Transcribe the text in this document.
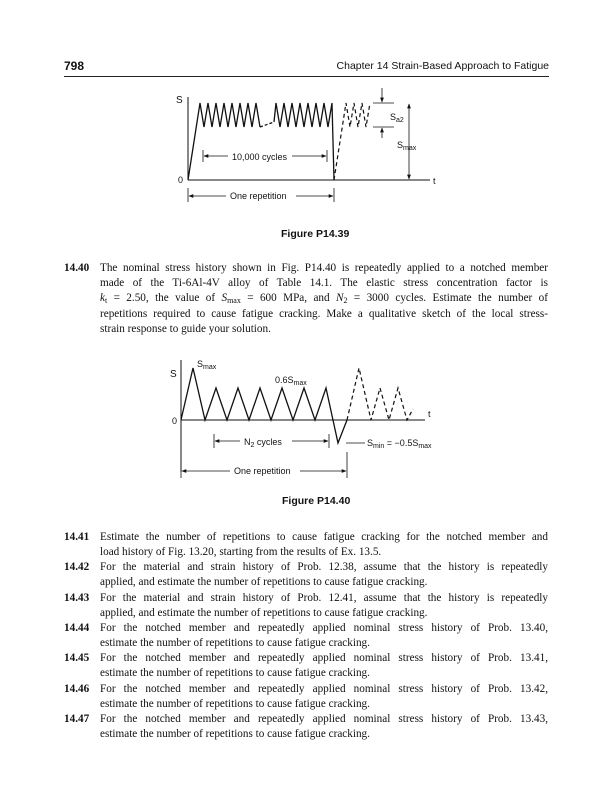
798	Chapter 14 Strain-Based Approach to Fatigue
S
t
0
$S_{a2}$
$S_{max}$
10,000 cycles
One repetition
Figure P14.39
14.40 The nominal stress history shown in Fig. P14.40 is repeatedly applied to a notched member
made of the Ti-6Al-4V alloy of Table 14.1. The elastic stress concentration factor is
$k_t = 2.50$, the value of $S_{max} = 600$ MPa, and $N_2 = 3000$ cycles. Estimate the number of
repetitions required to cause fatigue cracking. Make a qualitative sketch of the local stress-
strain response to guide your solution.
S
t
0
$S_{max}$
$0.6S_{max}$
$N_2$ cycles	$S_{min} = -0.5S_{max}$
One repetition
Figure P14.40
14.41 Estimate the number of repetitions to cause fatigue cracking for the notched member and
load history of Fig. 13.20, starting from the results of Ex. 13.5.
14.42 For the material and strain history of Prob. 12.38, assume that the history is repeatedly
applied, and estimate the number of repetitions to cause fatigue cracking.
14.43 For the material and strain history of Prob. 12.41, assume that the history is repeatedly
applied, and estimate the number of repetitions to cause fatigue cracking.
14.44 For the notched member and repeatedly applied nominal stress history of Prob. 13.40,
estimate the number of repetitions to cause fatigue cracking.
14.45 For the notched member and repeatedly applied nominal stress history of Prob. 13.41,
estimate the number of repetitions to cause fatigue cracking.
14.46 For the notched member and repeatedly applied nominal stress history of Prob. 13.42,
estimate the number of repetitions to cause fatigue cracking.
14.47 For the notched member and repeatedly applied nominal stress history of Prob. 13.43,
estimate the number of repetitions to cause fatigue cracking.
